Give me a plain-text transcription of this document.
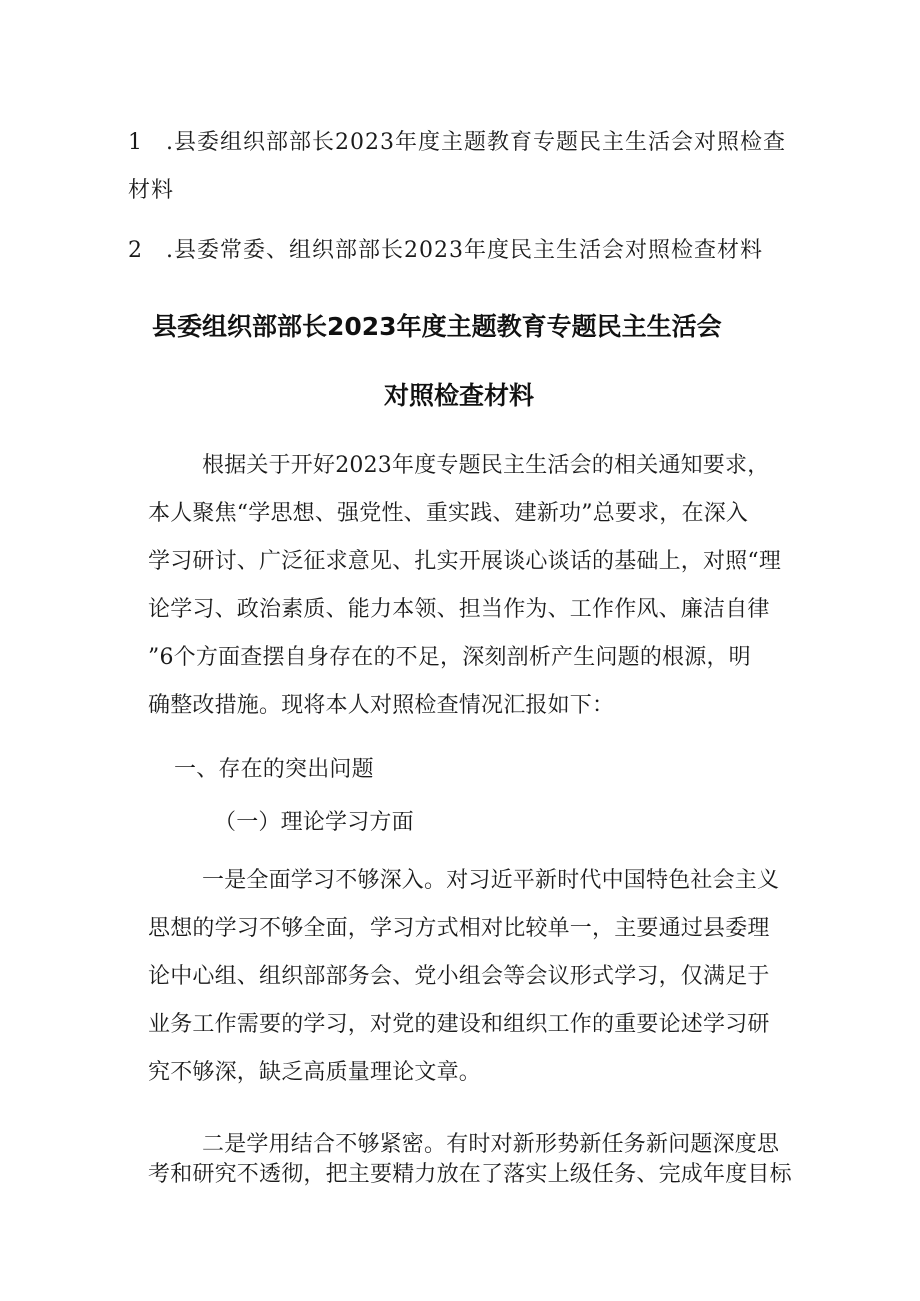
1 .县委组织部部长2023年度主题教育专题民主生活会对照检查
材料
2 .县委常委、组织部部长2023年度民主生活会对照检查材料
县委组织部部长2023年度主题教育专题民主生活会
对照检查材料
根据关于开好2023年度专题民主生活会的相关通知要求，
本人聚焦“学思想、强党性、重实践、建新功”总要求，在深入
学习研讨、广泛征求意见、扎实开展谈心谈话的基础上，对照“理
论学习、政治素质、能力本领、担当作为、工作作风、廉洁自律
”6个方面查摆自身存在的不足，深刻剖析产生问题的根源，明
确整改措施。现将本人对照检查情况汇报如下：
一、存在的突出问题
（一）理论学习方面
一是全面学习不够深入。对习近平新时代中国特色社会主义
思想的学习不够全面，学习方式相对比较单一，主要通过县委理
论中心组、组织部部务会、党小组会等会议形式学习，仅满足于
业务工作需要的学习，对党的建设和组织工作的重要论述学习研
究不够深，缺乏高质量理论文章。
二是学用结合不够紧密。有时对新形势新任务新问题深度思
考和研究不透彻，把主要精力放在了落实上级任务、完成年度目标
